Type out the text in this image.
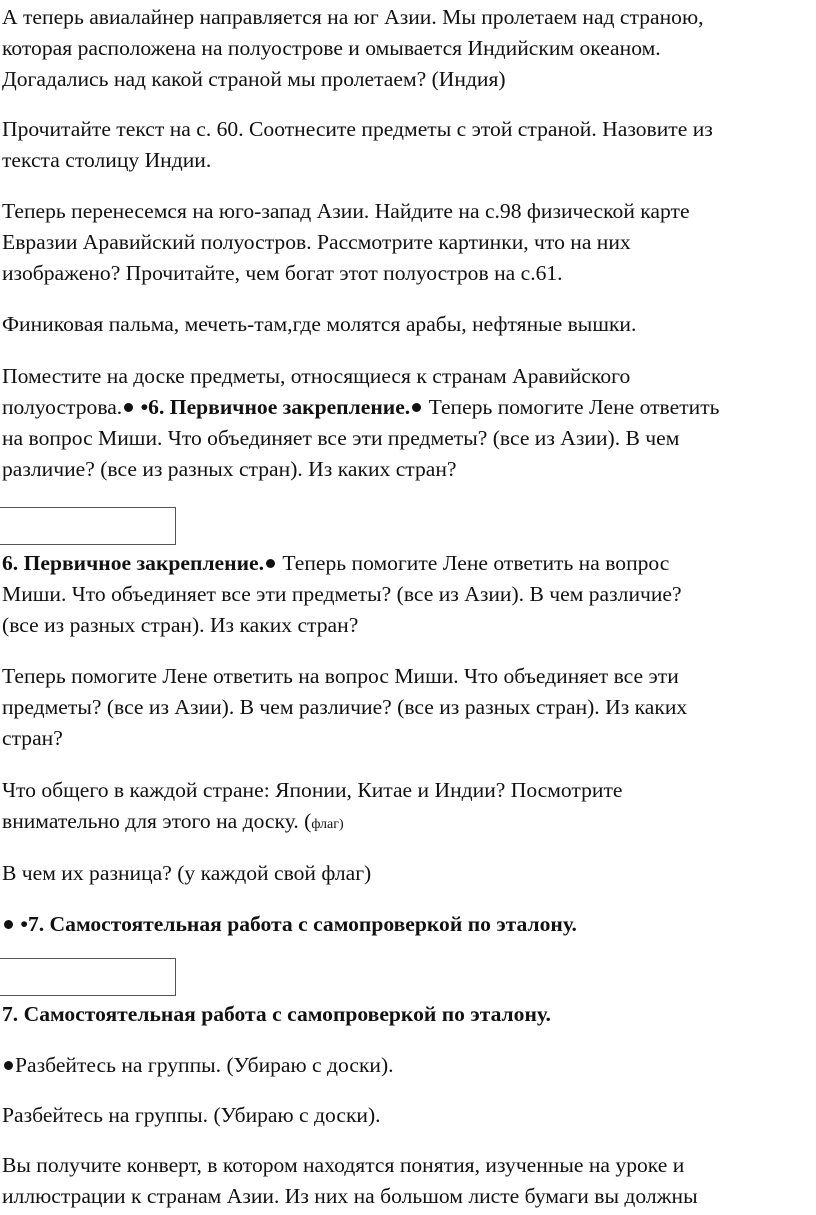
А теперь авиалайнер направляется на юг Азии. Мы пролетаем над страною,
которая расположена на полуострове и омывается Индийским океаном.
Догадались над какой страной мы пролетаем? (Индия)

Прочитайте текст на с. 60. Соотнесите предметы с этой страной. Назовите из
текста столицу Индии.

Теперь перенесемся на юго-запад Азии. Найдите на с.98 физической карте
Евразии Аравийский полуостров. Рассмотрите картинки, что на них
изображено? Прочитайте, чем богат этот полуостров на с.61.

Финиковая пальма, мечеть-там,где молятся арабы, нефтяные вышки.

Поместите на доске предметы, относящиеся к странам Аравийского
полуострова. •6. Первичное закрепление. Теперь помогите Лене ответить
на вопрос Миши. Что объединяет все эти предметы? (все из Азии). В чем
различие? (все из разных стран). Из каких стран?

6. Первичное закрепление. Теперь помогите Лене ответить на вопрос
Миши. Что объединяет все эти предметы? (все из Азии). В чем различие?
(все из разных стран). Из каких стран?

Теперь помогите Лене ответить на вопрос Миши. Что объединяет все эти
предметы? (все из Азии). В чем различие? (все из разных стран). Из каких
стран?

Что общего в каждой стране: Японии, Китае и Индии? Посмотрите
внимательно для этого на доску. (флаг)

В чем их разница? (у каждой свой флаг)

•7. Самостоятельная работа с самопроверкой по эталону.

7. Самостоятельная работа с самопроверкой по эталону.

Разбейтесь на группы. (Убираю с доски).

Разбейтесь на группы. (Убираю с доски).

Вы получите конверт, в котором находятся понятия, изученные на уроке и
иллюстрации к странам Азии. Из них на большом листе бумаги вы должны
